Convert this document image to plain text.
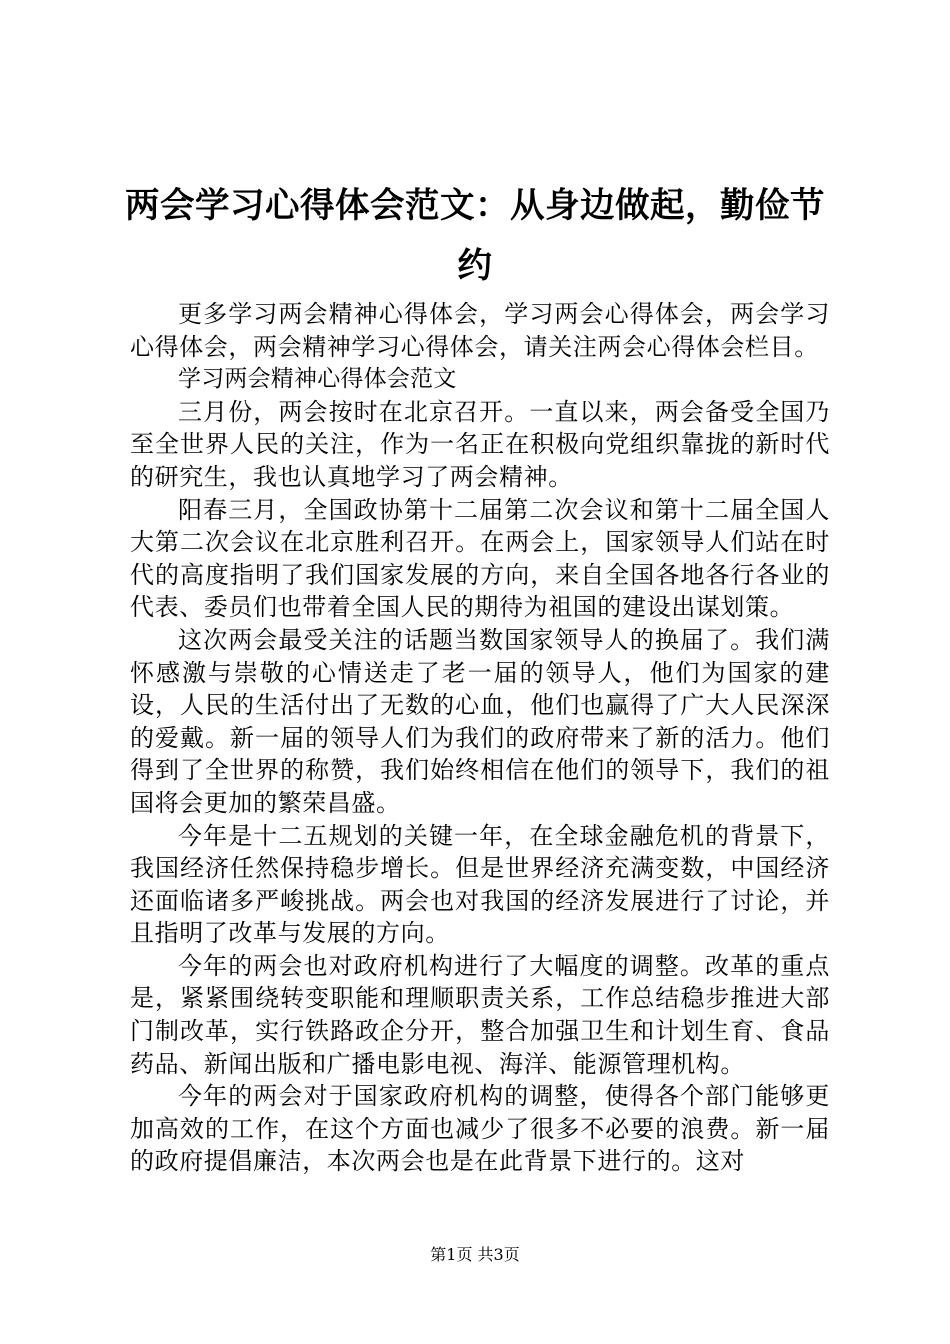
两会学习心得体会范文：从身边做起，勤俭节约

更多学习两会精神心得体会，学习两会心得体会，两会学习心得体会，两会精神学习心得体会，请关注两会心得体会栏目。

学习两会精神心得体会范文

三月份，两会按时在北京召开。一直以来，两会备受全国乃至全世界人民的关注，作为一名正在积极向党组织靠拢的新时代的研究生，我也认真地学习了两会精神。

阳春三月，全国政协第十二届第二次会议和第十二届全国人大第二次会议在北京胜利召开。在两会上，国家领导人们站在时代的高度指明了我们国家发展的方向，来自全国各地各行各业的代表、委员们也带着全国人民的期待为祖国的建设出谋划策。

这次两会最受关注的话题当数国家领导人的换届了。我们满怀感激与崇敬的心情送走了老一届的领导人，他们为国家的建设，人民的生活付出了无数的心血，他们也赢得了广大人民深深的爱戴。新一届的领导人们为我们的政府带来了新的活力。他们得到了全世界的称赞，我们始终相信在他们的领导下，我们的祖国将会更加的繁荣昌盛。

今年是十二五规划的关键一年，在全球金融危机的背景下，我国经济任然保持稳步增长。但是世界经济充满变数，中国经济还面临诸多严峻挑战。两会也对我国的经济发展进行了讨论，并且指明了改革与发展的方向。

今年的两会也对政府机构进行了大幅度的调整。改革的重点是，紧紧围绕转变职能和理顺职责关系，工作总结稳步推进大部门制改革，实行铁路政企分开，整合加强卫生和计划生育、食品药品、新闻出版和广播电影电视、海洋、能源管理机构。

今年的两会对于国家政府机构的调整，使得各个部门能够更加高效的工作，在这个方面也减少了很多不必要的浪费。新一届的政府提倡廉洁，本次两会也是在此背景下进行的。这对

第1页 共3页
